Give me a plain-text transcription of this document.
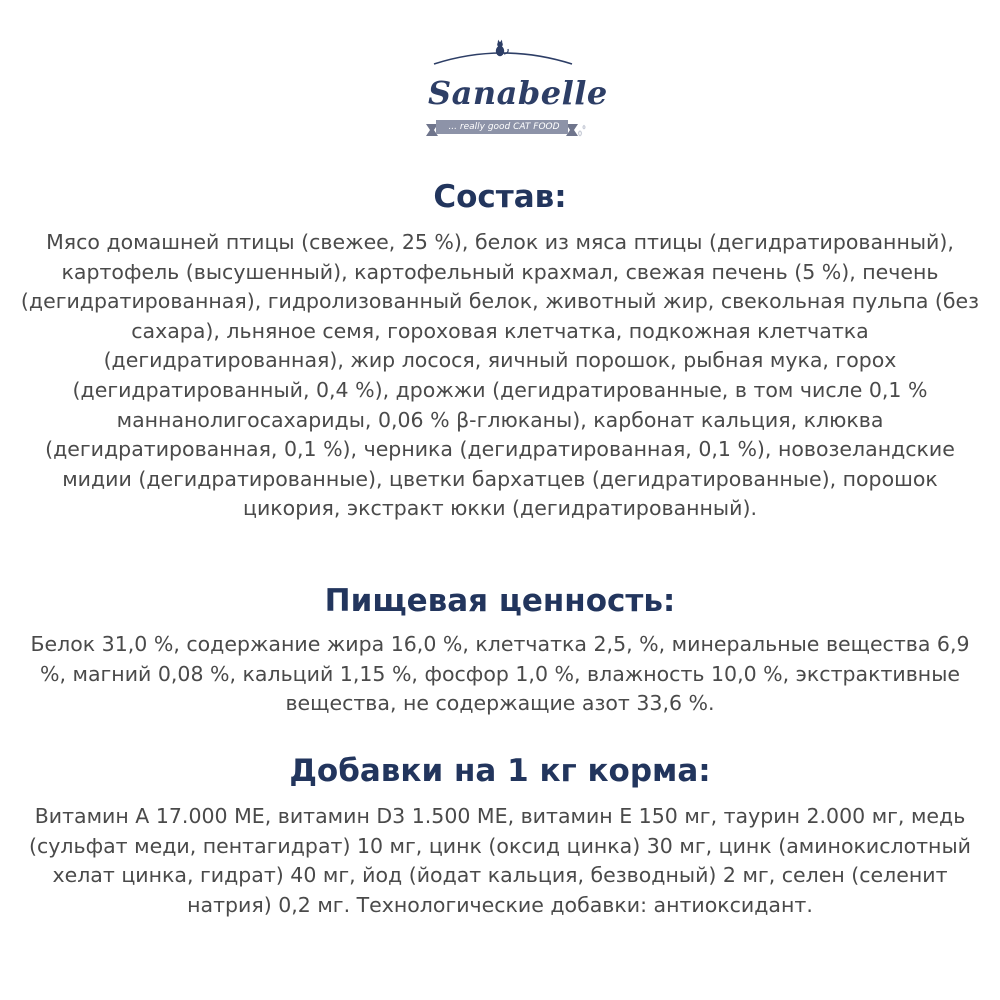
Sanabelle
... really good CAT FOOD
Состав:

Мясо домашней птицы (свежее, 25 %), белок из мяса птицы (дегидратированный), картофель (высушенный), картофельный крахмал, свежая печень (5 %), печень (дегидратированная), гидролизованный белок, животный жир, свекольная пульпа (без сахара), льняное семя, гороховая клетчатка, подкожная клетчатка (дегидратированная), жир лосося, яичный порошок, рыбная мука, горох (дегидратированный, 0,4 %), дрожжи (дегидратированные, в том числе 0,1 % маннанолигосахариды, 0,06 % β-глюканы), карбонат кальция, клюква (дегидратированная, 0,1 %), черника (дегидратированная, 0,1 %), новозеландские мидии (дегидратированные), цветки бархатцев (дегидратированные), порошок цикория, экстракт юкки (дегидратированный).

Пищевая ценность:

Белок 31,0 %, содержание жира 16,0 %, клетчатка 2,5, %, минеральные вещества 6,9 %, магний 0,08 %, кальций 1,15 %, фосфор 1,0 %, влажность 10,0 %, экстрактивные вещества, не содержащие азот 33,6 %.

Добавки на 1 кг корма:

Витамин А 17.000 МЕ, витамин D3 1.500 МЕ, витамин Е 150 мг, таурин 2.000 мг, медь (сульфат меди, пентагидрат) 10 мг, цинк (оксид цинка) 30 мг, цинк (аминокислотный хелат цинка, гидрат) 40 мг, йод (йодат кальция, безводный) 2 мг, селен (селенит натрия) 0,2 мг. Технологические добавки: антиоксидант.
